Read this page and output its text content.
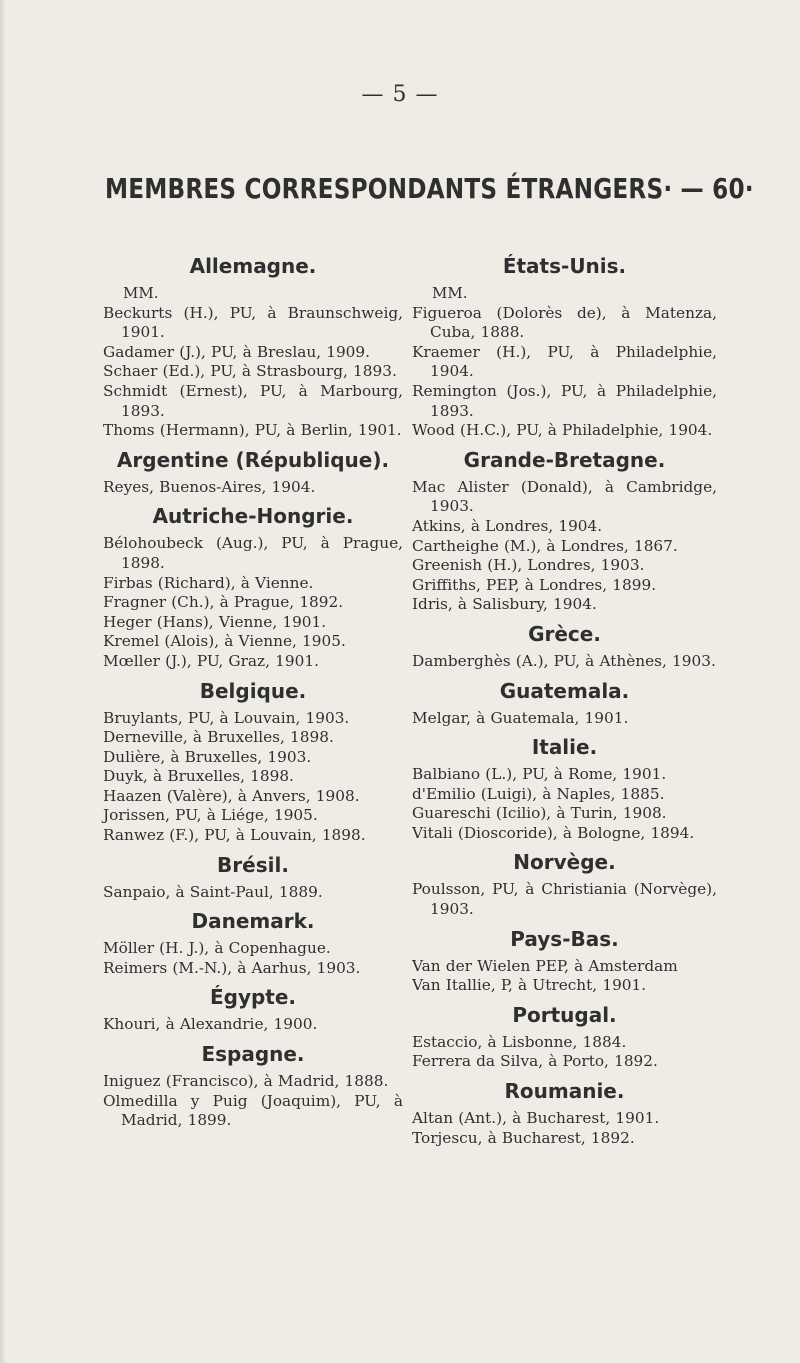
— 5 —
MEMBRES CORRESPONDANTS ÉTRANGERS· — 60·
Allemagne.
MM.
Beckurts (H.), PU, à Braunschweig, 1901.
Gadamer (J.), PU, à Breslau, 1909.
Schaer (Ed.), PU, à Strasbourg, 1893.
Schmidt (Ernest), PU, à Marbourg, 1893.
Thoms (Hermann), PU, à Berlin, 1901.
Argentine (République).
Reyes, Buenos-Aires, 1904.
Autriche-Hongrie.
Bélohoubeck (Aug.), PU, à Prague, 1898.
Firbas (Richard), à Vienne.
Fragner (Ch.), à Prague, 1892.
Heger (Hans), Vienne, 1901.
Kremel (Alois), à Vienne, 1905.
Mœller (J.), PU, Graz, 1901.
Belgique.
Bruylants, PU, à Louvain, 1903.
Derneville, à Bruxelles, 1898.
Dulière, à Bruxelles, 1903.
Duyk, à Bruxelles, 1898.
Haazen (Valère), à Anvers, 1908.
Jorissen, PU, à Liége, 1905.
Ranwez (F.), PU, à Louvain, 1898.
Brésil.
Sanpaio, à Saint-Paul, 1889.
Danemark.
Möller (H. J.), à Copenhague.
Reimers (M.-N.), à Aarhus, 1903.
Égypte.
Khouri, à Alexandrie, 1900.
Espagne.
Iniguez (Francisco), à Madrid, 1888.
Olmedilla y Puig (Joaquim), PU, à Madrid, 1899.
États-Unis.
MM.
Figueroa (Dolorès de), à Matenza, Cuba, 1888.
Kraemer (H.), PU, à Philadelphie, 1904.
Remington (Jos.), PU, à Philadelphie, 1893.
Wood (H.C.), PU, à Philadelphie, 1904.
Grande-Bretagne.
Mac Alister (Donald), à Cambridge, 1903.
Atkins, à Londres, 1904.
Cartheighe (M.), à Londres, 1867.
Greenish (H.), Londres, 1903.
Griffiths, PEP, à Londres, 1899.
Idris, à Salisbury, 1904.
Grèce.
Damberghès (A.), PU, à Athènes, 1903.
Guatemala.
Melgar, à Guatemala, 1901.
Italie.
Balbiano (L.), PU, à Rome, 1901.
d'Emilio (Luigi), à Naples, 1885.
Guareschi (Icilio), à Turin, 1908.
Vitali (Dioscoride), à Bologne, 1894.
Norvège.
Poulsson, PU, à Christiania (Norvège), 1903.
Pays-Bas.
Van der Wielen PEP, à Amsterdam
Van Itallie, P, à Utrecht, 1901.
Portugal.
Estaccio, à Lisbonne, 1884.
Ferrera da Silva, à Porto, 1892.
Roumanie.
Altan (Ant.), à Bucharest, 1901.
Torjescu, à Bucharest, 1892.
